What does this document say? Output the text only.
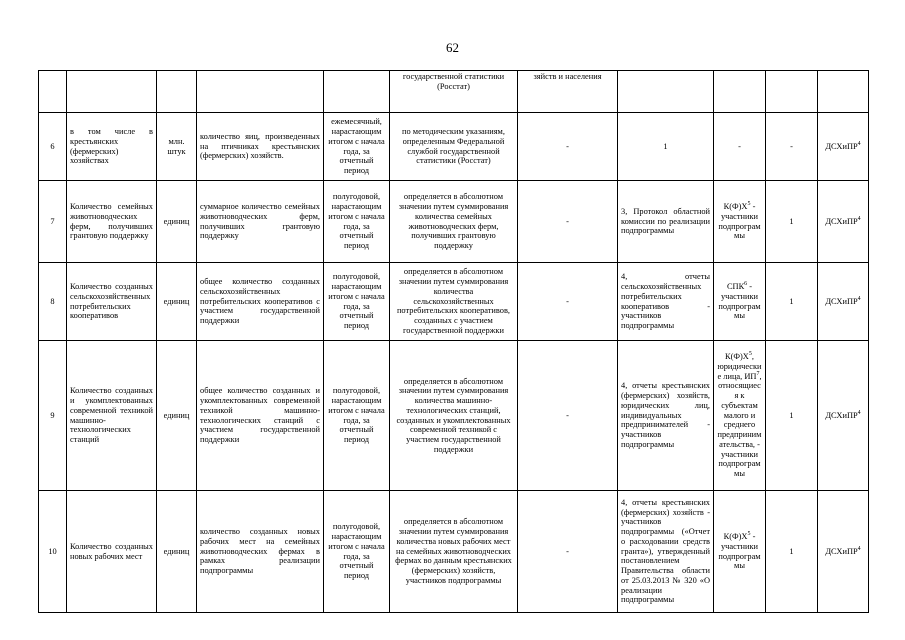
62
					государственной статистики (Росстат)	зяйств и населения				
6	в том числе в крестьянских (фермерских) хозяйствах	млн. штук	количество яиц, произведенных на птичниках крестьянских (фермерских) хозяйств.	ежемесячный, нарастающим итогом с начала года, за отчетный период	по методическим указаниям, определенным Федеральной службой государственной статистики (Росстат)	-	1	-	-	ДСХиПР$^4$
7	Количество семейных животноводческих ферм, получивших грантовую поддержку	единиц	суммарное количество семейных животноводческих ферм, получивших грантовую поддержку	полугодовой, нарастающим итогом с начала года, за отчетный период	определяется в абсолютном значении путем суммирования количества семейных животноводческих ферм, получивших грантовую поддержку	-	3, Протокол областной комиссии по реализации подпрограммы	$К(Ф)Х^5$ - участники подпрограммы	1	ДСХиПР$^4$
8	Количество созданных сельскохозяйственных потребительских кооперативов	единиц	общее количество созданных сельскохозяйственных потребительских кооперативов с участием государственной поддержки	полугодовой, нарастающим итогом с начала года, за отчетный период	определяется в абсолютном значении путем суммирования количества сельскохозяйственных потребительских кооперативов, созданных с участием государственной поддержки	-	4, отчеты сельскохозяйственных потребительских кооперативов - участников подпрограммы	СПК$^6$ - участники подпрограммы	1	ДСХиПР$^4$
9	Количество созданных и укомплектованных современной техникой машинно-технологических станций	единиц	общее количество созданных и укомплектованных современной техникой машинно-технологических станций с участием государственной поддержки	полугодовой, нарастающим итогом с начала года, за отчетный период	определяется в абсолютном значении путем суммирования количества машинно-технологических станций, созданных и укомплектованных современной техникой с участием государственной поддержки	-	4, отчеты крестьянских (фермерских) хозяйств, юридических лиц, индивидуальных предпринимателей - участников подпрограммы	$К(Ф)Х^5$, юридические лица, $ИП^7$, относящиеся к субъектам малого и среднего предпринимательства, - участники подпрограммы	1	ДСХиПР$^4$
10	Количество созданных новых рабочих мест	единиц	количество созданных новых рабочих мест на семейных животноводческих фермах в рамках реализации подпрограммы	полугодовой, нарастающим итогом с начала года, за отчетный период	определяется в абсолютном значении путем суммирования количества новых рабочих мест на семейных животноводческих фермах во данным крестьянских (фермерских) хозяйств, участников подпрограммы	-	4, отчеты крестьянских (фермерских) хозяйств - участников подпрограммы («Отчет о расходовании средств гранта»), утвержденный постановлением Правительства области от 25.03.2013 № 320 «О реализации подпрограммы	$К(Ф)Х^5$ - участники подпрограммы	1	ДСХиПР$^4$
